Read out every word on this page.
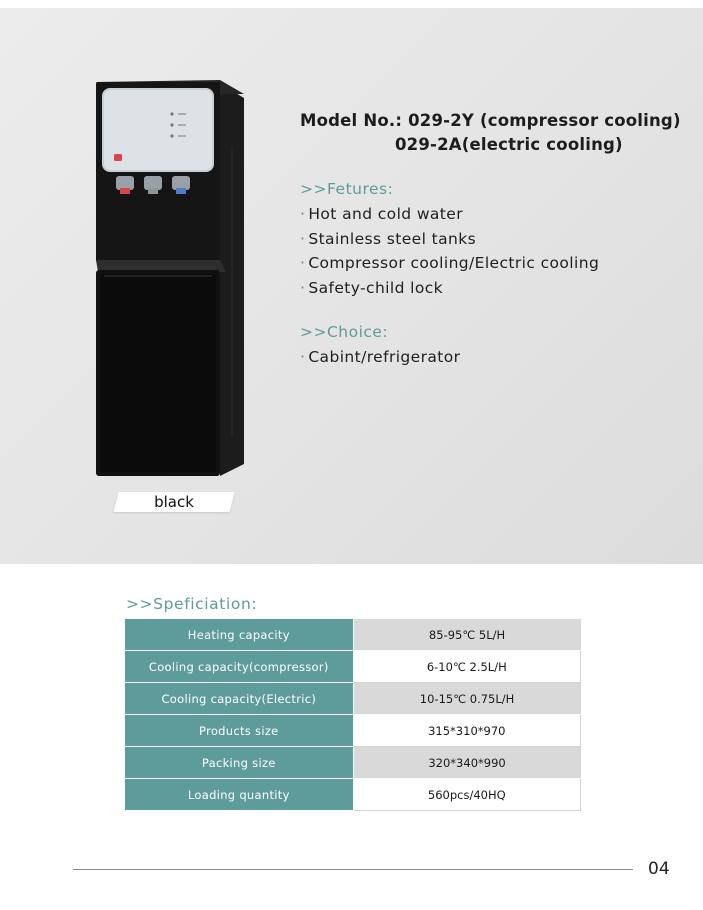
black
Model No.: 029-2Y (compressor cooling)
029-2A(electric cooling)
>>Fetures:
· Hot and cold water
· Stainless steel tanks
· Compressor cooling/Electric cooling
· Safety-child lock
>>Choice:
· Cabint/refrigerator
>>Speficiation:
Heating capacity	85-95℃ 5L/H
Cooling capacity(compressor)	6-10℃ 2.5L/H
Cooling capacity(Electric)	10-15℃ 0.75L/H
Products size	315*310*970
Packing size	320*340*990
Loading quantity	560pcs/40HQ
04
